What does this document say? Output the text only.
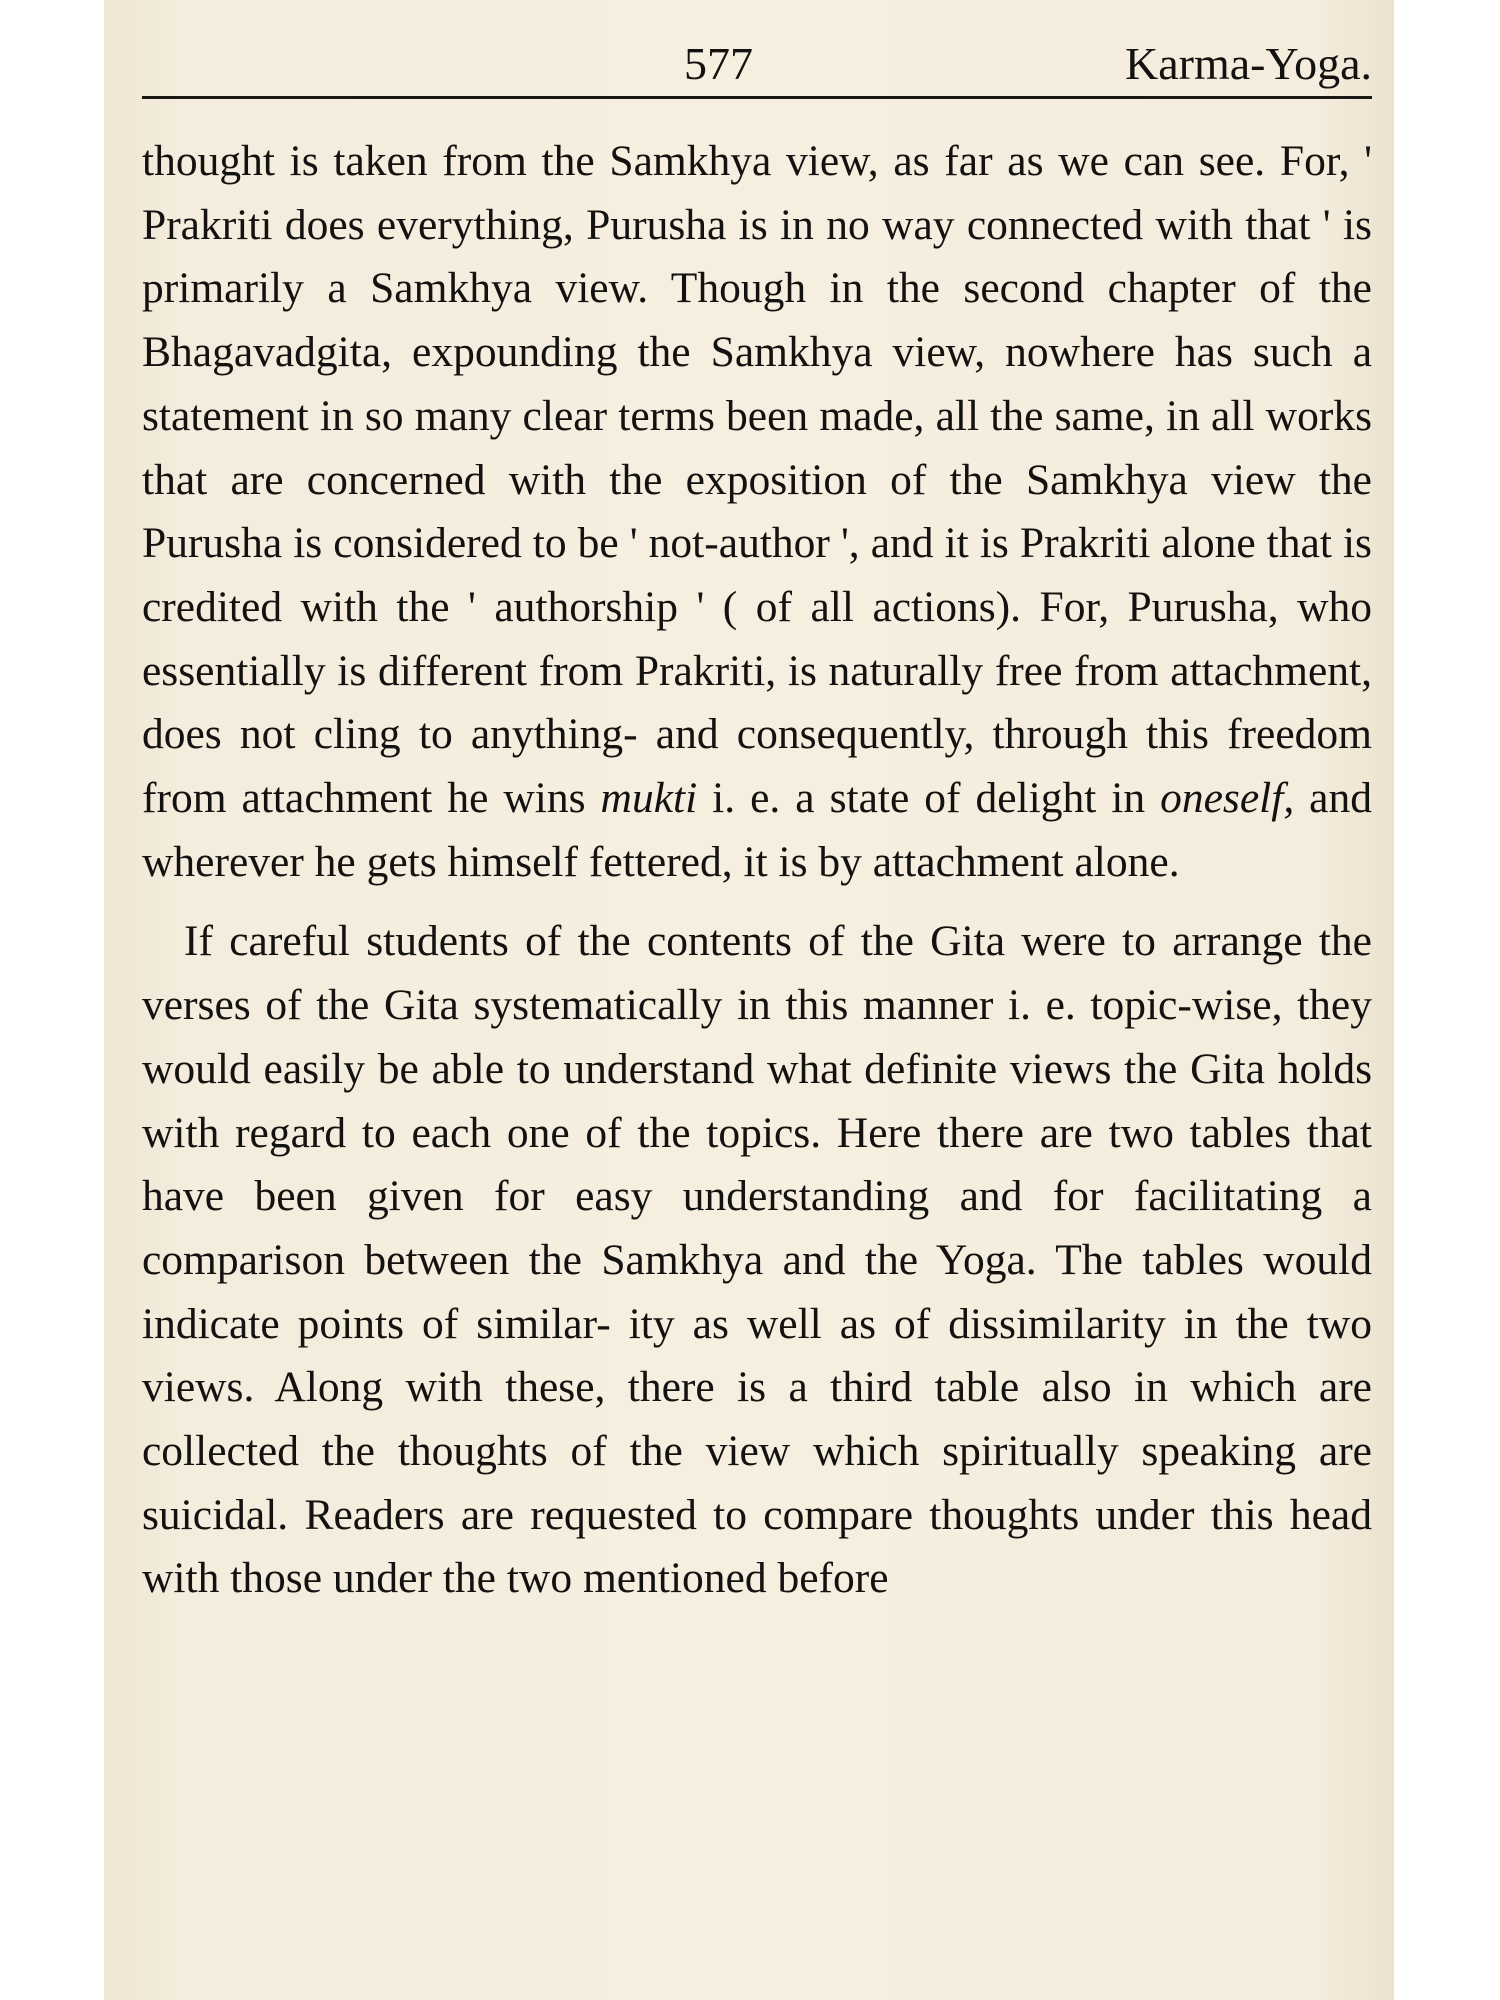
577	Karma-Yoga.

thought is taken from the Samkhya view, as far as we can see. For, ' Prakriti does everything, Purusha is in no way connected with that ' is primarily a Samkhya view. Though in the second chapter of the Bhagavadgita, expounding the Samkhya view, nowhere has such a statement in so many clear terms been made, all the same, in all works that are concerned with the exposition of the Samkhya view the Purusha is considered to be ' not-author ', and it is Prakriti alone that is credited with the ' authorship ' ( of all actions). For, Purusha, who essentially is different from Prakriti, is naturally free from attachment, does not cling to anything- and consequently, through this freedom from attachment he wins mukti i. e. a state of delight in oneself, and wherever he gets himself fettered, it is by attachment alone.

If careful students of the contents of the Gita were to arrange the verses of the Gita systematically in this manner i. e. topic-wise, they would easily be able to understand what definite views the Gita holds with regard to each one of the topics. Here there are two tables that have been given for easy understanding and for facilitating a comparison between the Samkhya and the Yoga. The tables would indicate points of similar- ity as well as of dissimilarity in the two views. Along with these, there is a third table also in which are collected the thoughts of the view which spiritually speaking are suicidal. Readers are requested to compare thoughts under this head with those under the two mentioned before
